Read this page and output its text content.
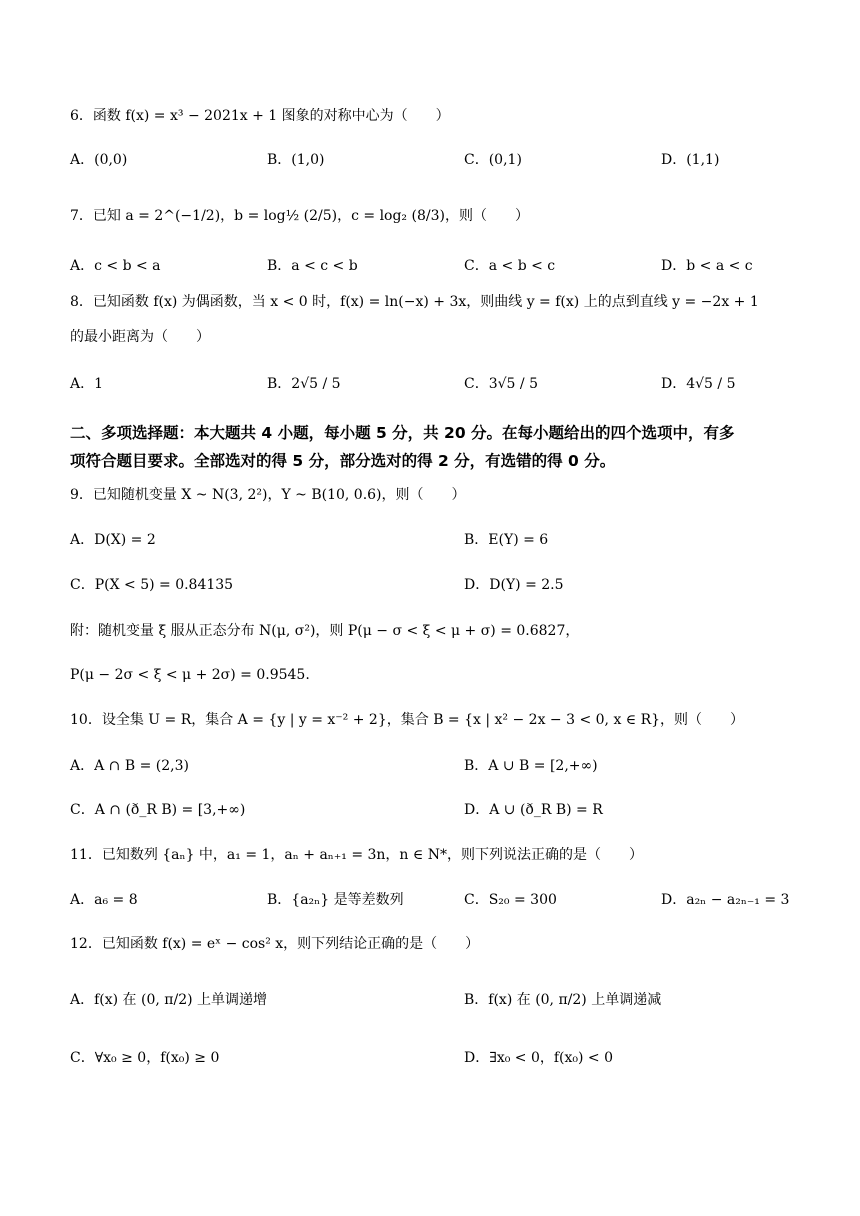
6．函数 f(x) = x³ − 2021x + 1 图象的对称中心为（　　）
A．(0,0)	B．(1,0)	C．(0,1)	D．(1,1)
7．已知 a = 2^(−1/2)，b = log½ (2/5)，c = log₂ (8/3)，则（　　）
A．c < b < a	B．a < c < b	C．a < b < c	D．b < a < c
8．已知函数 f(x) 为偶函数，当 x < 0 时，f(x) = ln(−x) + 3x，则曲线 y = f(x) 上的点到直线 y = −2x + 1
的最小距离为（　　）
A．1	B．2√5 / 5	C．3√5 / 5	D．4√5 / 5
二、多项选择题：本大题共 4 小题，每小题 5 分，共 20 分。在每小题给出的四个选项中，有多
项符合题目要求。全部选对的得 5 分，部分选对的得 2 分，有选错的得 0 分。
9．已知随机变量 X ~ N(3, 2²)，Y ~ B(10, 0.6)，则（　　）
A．D(X) = 2	B．E(Y) = 6
C．P(X < 5) = 0.84135	D．D(Y) = 2.5
附：随机变量 ξ 服从正态分布 N(μ, σ²)，则 P(μ − σ < ξ < μ + σ) = 0.6827，
P(μ − 2σ < ξ < μ + 2σ) = 0.9545.
10．设全集 U = R，集合 A = {y | y = x⁻² + 2}，集合 B = {x | x² − 2x − 3 < 0, x ∈ R}，则（　　）
A．A ∩ B = (2,3)	B．A ∪ B = [2,+∞)
C．A ∩ (ð_R B) = [3,+∞)	D．A ∪ (ð_R B) = R
11．已知数列 {aₙ} 中，a₁ = 1，aₙ + aₙ₊₁ = 3n，n ∈ N*，则下列说法正确的是（　　）
A．a₆ = 8	B．{a₂ₙ} 是等差数列	C．S₂₀ = 300	D．a₂ₙ − a₂ₙ₋₁ = 3
12．已知函数 f(x) = eˣ − cos² x，则下列结论正确的是（　　）
A．f(x) 在 (0, π/2) 上单调递增	B．f(x) 在 (0, π/2) 上单调递减
C．∀x₀ ≥ 0，f(x₀) ≥ 0	D．∃x₀ < 0，f(x₀) < 0
